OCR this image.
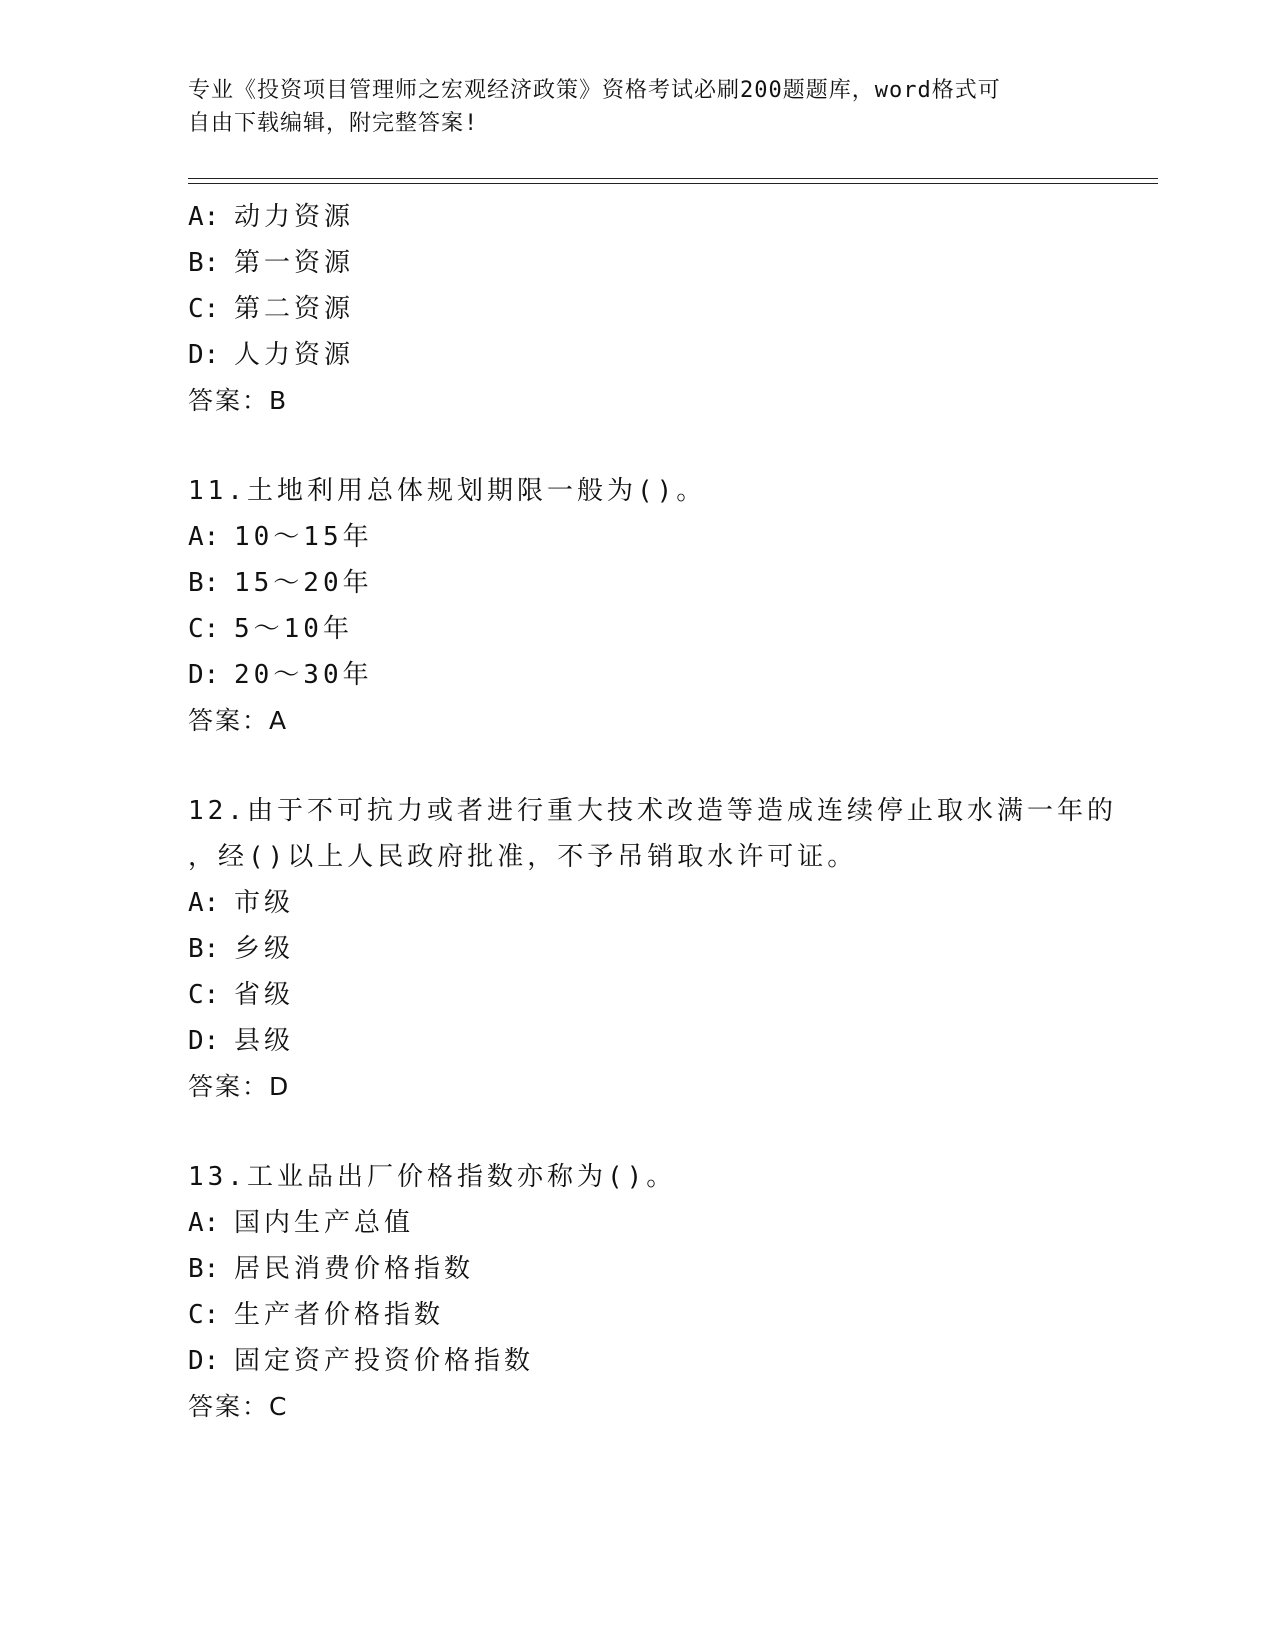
专业《投资项目管理师之宏观经济政策》资格考试必刷200题题库，word格式可
自由下载编辑，附完整答案!
A: 动力资源
B: 第一资源
C: 第二资源
D: 人力资源
答案：B
11.土地利用总体规划期限一般为()。
A: 10～15年
B: 15～20年
C: 5～10年
D: 20～30年
答案：A
12.由于不可抗力或者进行重大技术改造等造成连续停止取水满一年的
，经()以上人民政府批准，不予吊销取水许可证。
A: 市级
B: 乡级
C: 省级
D: 县级
答案：D
13.工业品出厂价格指数亦称为()。
A: 国内生产总值
B: 居民消费价格指数
C: 生产者价格指数
D: 固定资产投资价格指数
答案：C
